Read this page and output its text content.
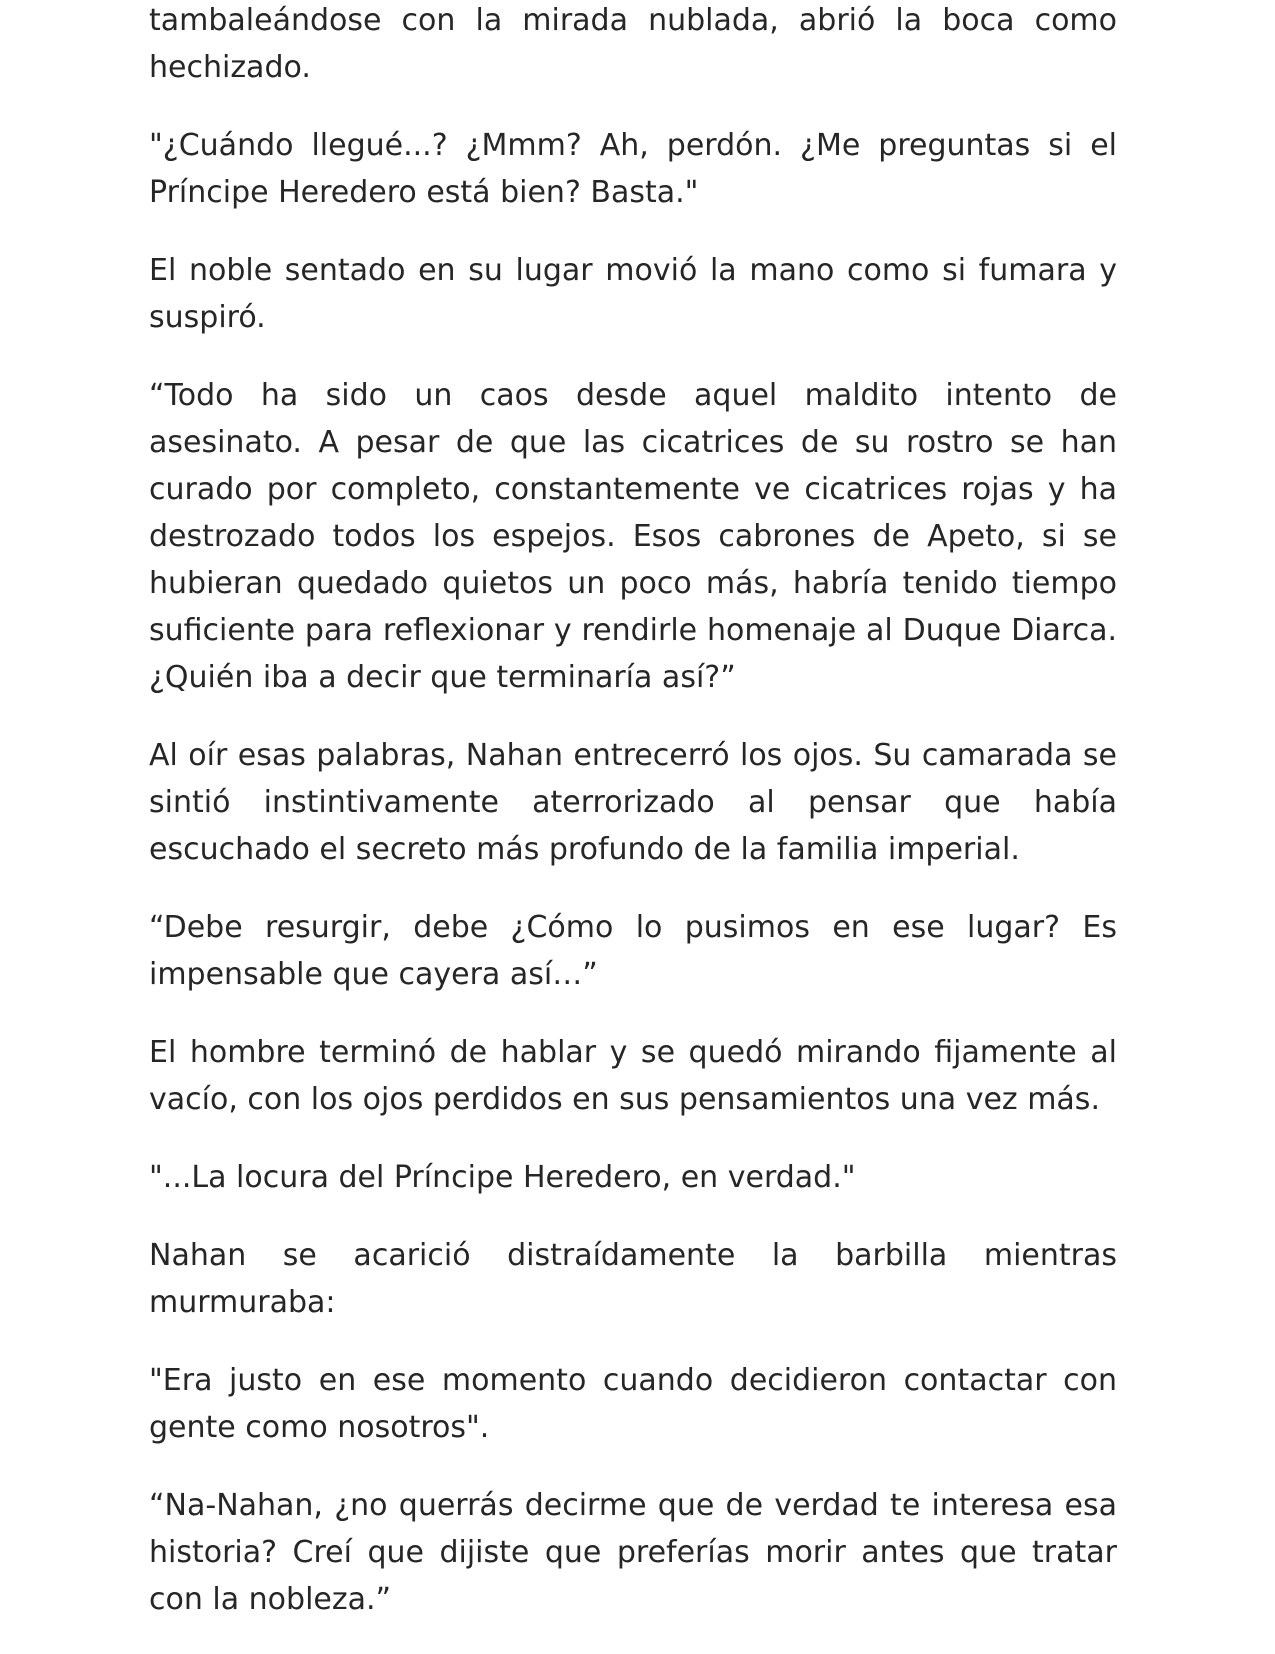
tambaleándose con la mirada nublada, abrió la boca como hechizado.

"¿Cuándo llegué...? ¿Mmm? Ah, perdón. ¿Me preguntas si el Príncipe Heredero está bien? Basta."

El noble sentado en su lugar movió la mano como si fumara y suspiró.

“Todo ha sido un caos desde aquel maldito intento de asesinato. A pesar de que las cicatrices de su rostro se han curado por completo, constantemente ve cicatrices rojas y ha destrozado todos los espejos. Esos cabrones de Apeto, si se hubieran quedado quietos un poco más, habría tenido tiempo suficiente para reflexionar y rendirle homenaje al Duque Diarca. ¿Quién iba a decir que terminaría así?”

Al oír esas palabras, Nahan entrecerró los ojos. Su camarada se sintió instintivamente aterrorizado al pensar que había escuchado el secreto más profundo de la familia imperial.

“Debe resurgir, debe ¿Cómo lo pusimos en ese lugar? Es impensable que cayera así…”

El hombre terminó de hablar y se quedó mirando fijamente al vacío, con los ojos perdidos en sus pensamientos una vez más.

"...La locura del Príncipe Heredero, en verdad."

Nahan se acarició distraídamente la barbilla mientras murmuraba:

"Era justo en ese momento cuando decidieron contactar con gente como nosotros".

“Na-Nahan, ¿no querrás decirme que de verdad te interesa esa historia? Creí que dijiste que preferías morir antes que tratar con la nobleza.”
